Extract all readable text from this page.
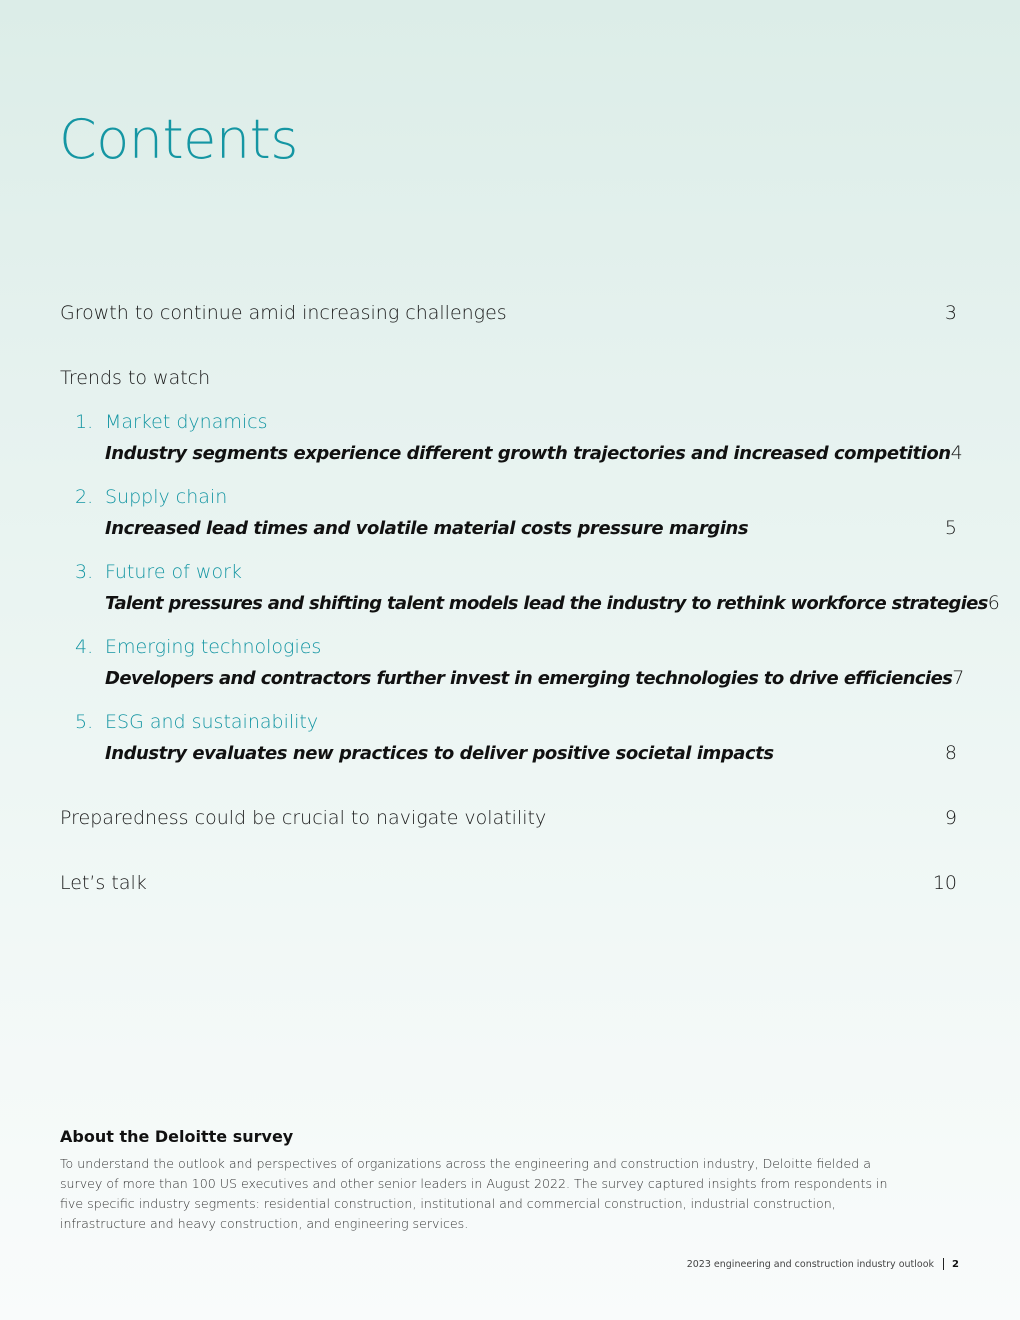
Contents
Growth to continue amid increasing challenges	3
Trends to watch
1. Market dynamics
Industry segments experience different growth trajectories and increased competition 4
2. Supply chain
Increased lead times and volatile material costs pressure margins	5
3. Future of work
Talent pressures and shifting talent models lead the industry to rethink workforce strategies 6
4. Emerging technologies
Developers and contractors further invest in emerging technologies to drive efficiencies 7
5. ESG and sustainability
Industry evaluates new practices to deliver positive societal impacts	8
Preparedness could be crucial to navigate volatility	9
Let’s talk	10
About the Deloitte survey

To understand the outlook and perspectives of organizations across the engineering and construction industry, Deloitte fielded a survey of more than 100 US executives and other senior leaders in August 2022. The survey captured insights from respondents in five specific industry segments: residential construction, institutional and commercial construction, industrial construction, infrastructure and heavy construction, and engineering services.

2023 engineering and construction industry outlook 2
